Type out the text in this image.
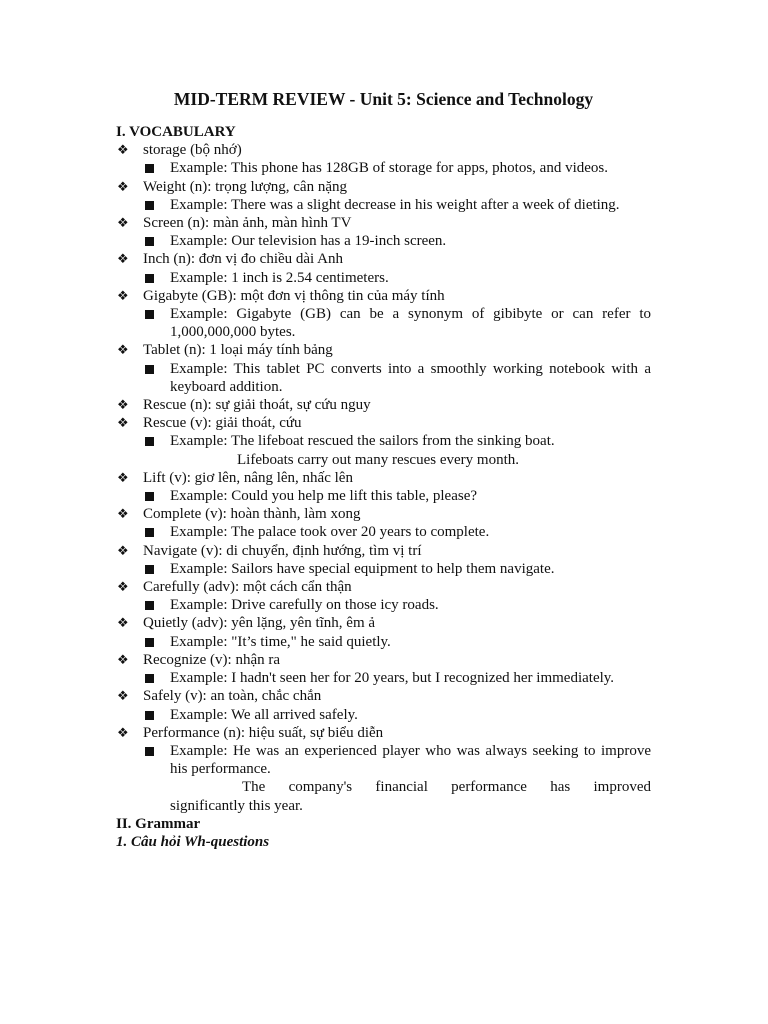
MID-TERM REVIEW - Unit 5: Science and Technology
I. VOCABULARY
❖ storage (bộ nhớ)
Example: This phone has 128GB of storage for apps, photos, and videos.
❖ Weight (n): trọng lượng, cân nặng
Example: There was a slight decrease in his weight after a week of dieting.
❖ Screen (n): màn ảnh, màn hình TV
Example: Our television has a 19-inch screen.
❖ Inch (n): đơn vị đo chiều dài Anh
Example: 1 inch is 2.54 centimeters.
❖ Gigabyte (GB): một đơn vị thông tin của máy tính
Example: Gigabyte (GB) can be a synonym of gibibyte or can refer to 1,000,000,000 bytes.
❖ Tablet (n): 1 loại máy tính bảng
Example: This tablet PC converts into a smoothly working notebook with a keyboard addition.
❖ Rescue (n): sự giải thoát, sự cứu nguy
❖ Rescue (v): giải thoát, cứu
Example: The lifeboat rescued the sailors from the sinking boat.
Lifeboats carry out many rescues every month.
❖ Lift (v): giơ lên, nâng lên, nhấc lên
Example: Could you help me lift this table, please?
❖ Complete (v): hoàn thành, làm xong
Example: The palace took over 20 years to complete.
❖ Navigate (v): di chuyển, định hướng, tìm vị trí
Example: Sailors have special equipment to help them navigate.
❖ Carefully (adv): một cách cẩn thận
Example: Drive carefully on those icy roads.
❖ Quietly (adv): yên lặng, yên tĩnh, êm ả
Example: "It’s time," he said quietly.
❖ Recognize (v): nhận ra
Example: I hadn't seen her for 20 years, but I recognized her immediately.
❖ Safely (v): an toàn, chắc chắn
Example: We all arrived safely.
❖ Performance (n): hiệu suất, sự biểu diễn
Example: He was an experienced player who was always seeking to improve his performance.
The company's financial performance has improved
significantly this year.
II. Grammar
1. Câu hỏi Wh-questions
